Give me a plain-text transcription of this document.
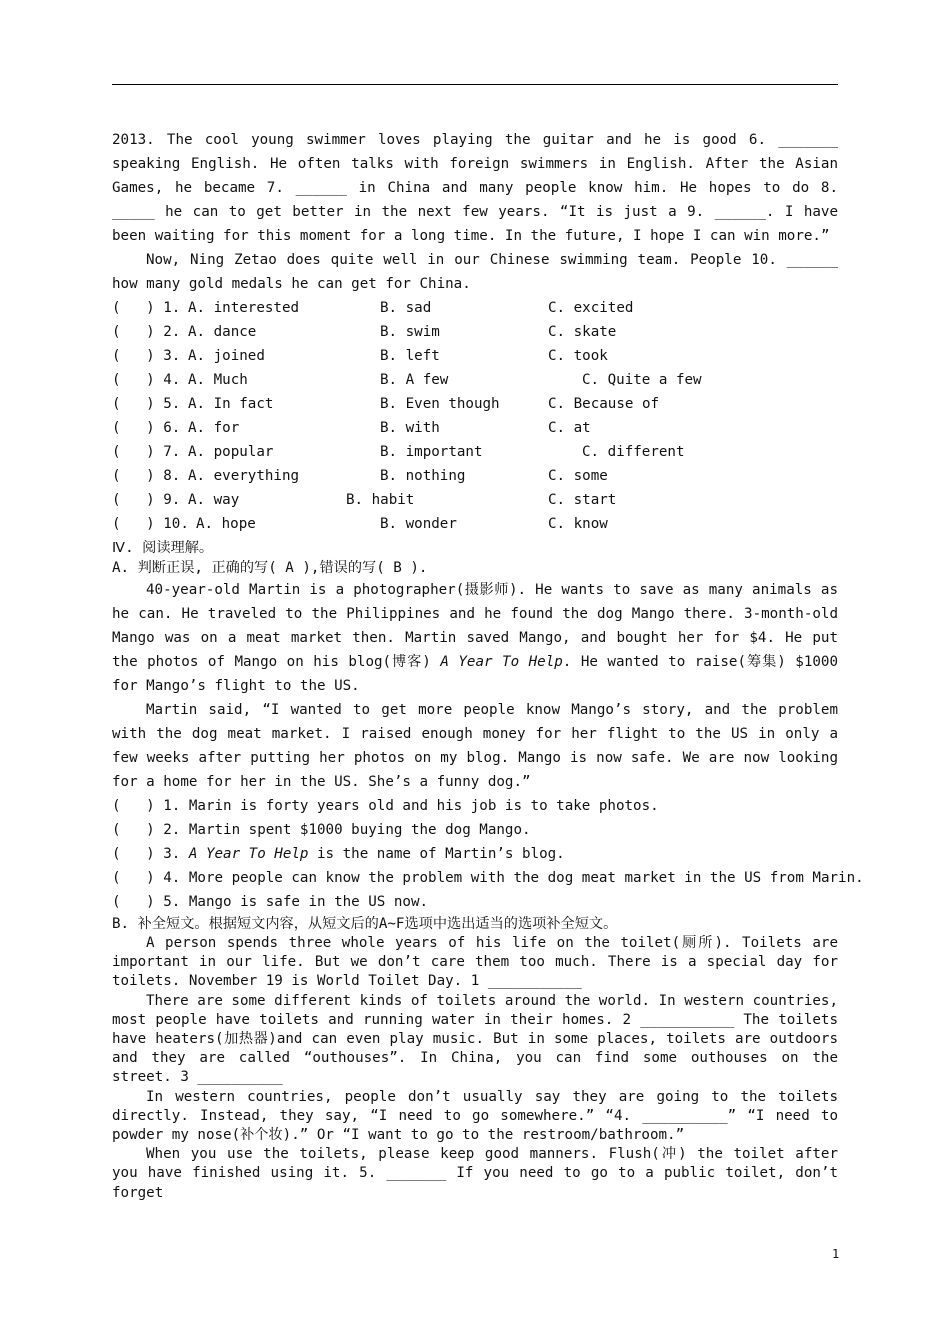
2013. The cool young swimmer loves playing the guitar and he is good 6. _______ speaking English. He often talks with foreign swimmers in English. After the Asian Games, he became 7. ______ in China and many people know him. He hopes to do 8. _____ he can to get better in the next few years. “It is just a 9. ______. I have been waiting for this moment for a long time. In the future, I hope I can win more.”

Now, Ning Zetao does quite well in our Chinese swimming team. People 10. ______ how many gold medals he can get for China.

(   ) 1. A. interested	B. sad	C. excited
(   ) 2. A. dance	B. swim	C. skate
(   ) 3. A. joined	B. left	C. took
(   ) 4. A. Much	B. A few	C. Quite a few
(   ) 5. A. In fact	B. Even though	C. Because of
(   ) 6. A. for	B. with	C. at
(   ) 7. A. popular	B. important	C. different
(   ) 8. A. everything	B. nothing	C. some
(   ) 9. A. way	B. habit	C. start
(   ) 10. A. hope	B. wonder	C. know
Ⅳ. 阅读理解。
A. 判断正误, 正确的写( A ),错误的写( B ).

40-year-old Martin is a photographer(摄影师). He wants to save as many animals as he can. He traveled to the Philippines and he found the dog Mango there. 3-month-old Mango was on a meat market then. Martin saved Mango, and bought her for $4. He put the photos of Mango on his blog(博客) A Year To Help. He wanted to raise(筹集) $1000 for Mango’s flight to the US.

Martin said, “I wanted to get more people know Mango’s story, and the problem with the dog meat market. I raised enough money for her flight to the US in only a few weeks after putting her photos on my blog. Mango is now safe. We are now looking for a home for her in the US. She’s a funny dog.”

(   ) 1. Marin is forty years old and his job is to take photos.
(   ) 2. Martin spent $1000 buying the dog Mango.
(   ) 3. A Year To Help is the name of Martin’s blog.
(   ) 4. More people can know the problem with the dog meat market in the US from Marin.
(   ) 5. Mango is safe in the US now.
B. 补全短文。根据短文内容，从短文后的A~F选项中选出适当的选项补全短文。

A person spends three whole years of his life on the toilet(厕所). Toilets are important in our life. But we don’t care them too much. There is a special day for toilets. November 19 is World Toilet Day. 1 ___________

There are some different kinds of toilets around the world. In western countries, most people have toilets and running water in their homes. 2 ___________ The toilets have heaters(加热器)and can even play music. But in some places, toilets are outdoors and they are called “outhouses”. In China, you can find some outhouses on the street. 3 __________

In western countries, people don’t usually say they are going to the toilets directly. Instead, they say, “I need to go somewhere.” “4. __________” “I need to powder my nose(补个妆).” Or “I want to go to the restroom/bathroom.”

When you use the toilets, please keep good manners. Flush(冲) the toilet after you have finished using it. 5. _______ If you need to go to a public toilet, don’t forget

1
